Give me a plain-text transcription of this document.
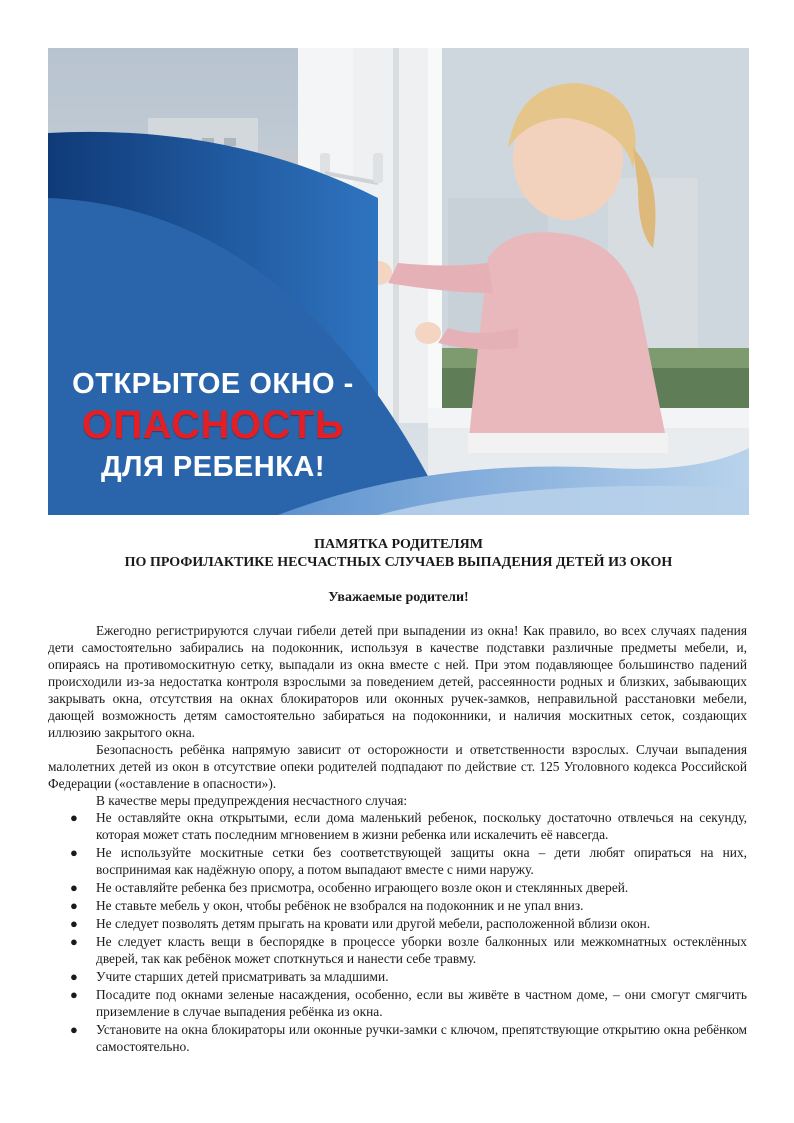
ОТКРЫТОЕ ОКНО -
ОПАСНОСТЬ
ДЛЯ РЕБЕНКА!
ПАМЯТКА РОДИТЕЛЯМ
ПО ПРОФИЛАКТИКЕ НЕСЧАСТНЫХ СЛУЧАЕВ ВЫПАДЕНИЯ ДЕТЕЙ ИЗ ОКОН
Уважаемые родители!

Ежегодно регистрируются случаи гибели детей при выпадении из окна! Как правило, во всех случаях падения дети самостоятельно забирались на подоконник, используя в качестве подставки различные предметы мебели, и, опираясь на противомоскитную сетку, выпадали из окна вместе с ней. При этом подавляющее большинство падений происходили из-за недостатка контроля взрослыми за поведением детей, рассеянности родных и близких, забывающих закрывать окна, отсутствия на окнах блокираторов или оконных ручек-замков, неправильной расстановки мебели, дающей возможность детям самостоятельно забираться на подоконники, и наличия москитных сеток, создающих иллюзию закрытого окна.

Безопасность ребёнка напрямую зависит от осторожности и ответственности взрослых. Случаи выпадения малолетних детей из окон в отсутствие опеки родителей подпадают по действие ст. 125 Уголовного кодекса Российской Федерации («оставление в опасности»).

В качестве меры предупреждения несчастного случая:

● Не оставляйте окна открытыми, если дома маленький ребенок, поскольку достаточно отвлечься на секунду, которая может стать последним мгновением в жизни ребенка или искалечить её навсегда.
● Не используйте москитные сетки без соответствующей защиты окна – дети любят опираться на них, воспринимая как надёжную опору, а потом выпадают вместе с ними наружу.
● Не оставляйте ребенка без присмотра, особенно играющего возле окон и стеклянных дверей.
● Не ставьте мебель у окон, чтобы ребёнок не взобрался на подоконник и не упал вниз.
● Не следует позволять детям прыгать на кровати или другой мебели, расположенной вблизи окон.
● Не следует класть вещи в беспорядке в процессе уборки возле балконных или межкомнатных остеклённых дверей, так как ребёнок может споткнуться и нанести себе травму.
● Учите старших детей присматривать за младшими.
● Посадите под окнами зеленые насаждения, особенно, если вы живёте в частном доме, – они смогут смягчить приземление в случае выпадения ребёнка из окна.
● Установите на окна блокираторы или оконные ручки-замки с ключом, препятствующие открытию окна ребёнком самостоятельно.
